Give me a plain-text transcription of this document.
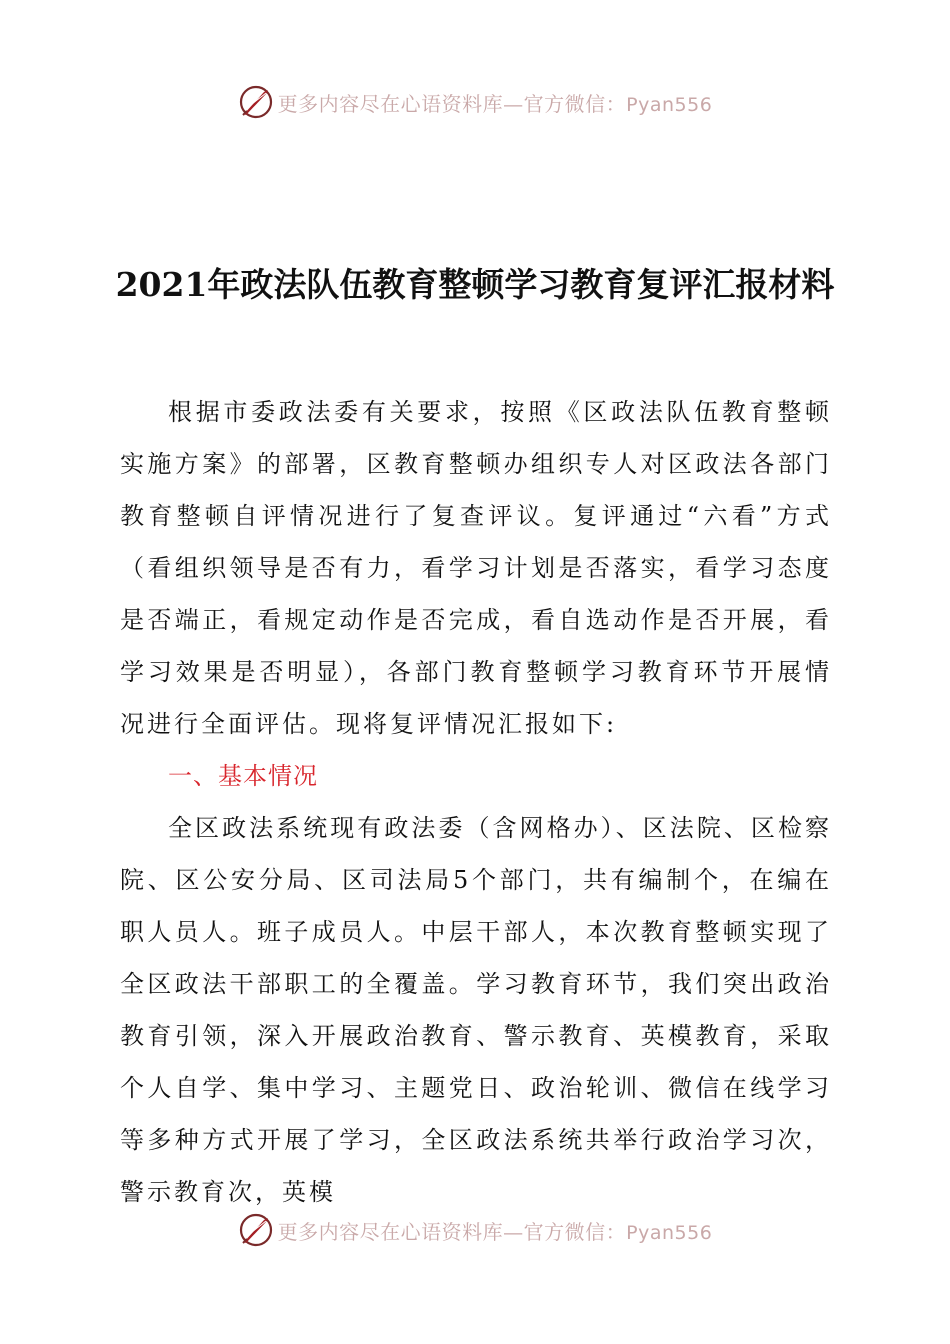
更多内容尽在心语资料库—官方微信：Pyan556
2021年政法队伍教育整顿学习教育复评汇报材料

根据市委政法委有关要求，按照《区政法队伍教育整顿实施方案》的部署，区教育整顿办组织专人对区政法各部门教育整顿自评情况进行了复查评议。复评通过“六看”方式（看组织领导是否有力，看学习计划是否落实，看学习态度是否端正，看规定动作是否完成，看自选动作是否开展，看学习效果是否明显），各部门教育整顿学习教育环节开展情况进行全面评估。现将复评情况汇报如下:

一、基本情况

全区政法系统现有政法委（含网格办）、区法院、区检察院、区公安分局、区司法局5个部门，共有编制个，在编在职人员人。班子成员人。中层干部人，本次教育整顿实现了全区政法干部职工的全覆盖。学习教育环节，我们突出政治教育引领，深入开展政治教育、警示教育、英模教育，采取个人自学、集中学习、主题党日、政治轮训、微信在线学习等多种方式开展了学习，全区政法系统共举行政治学习次，警示教育次，英模

更多内容尽在心语资料库—官方微信：Pyan556
